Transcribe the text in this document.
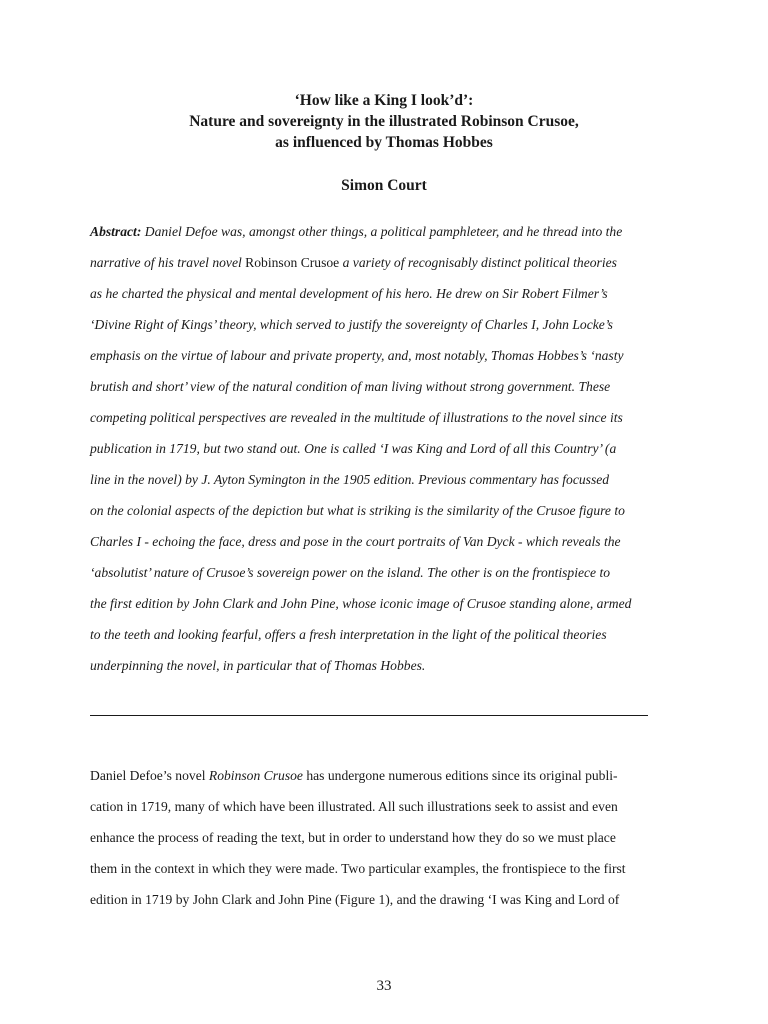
‘How like a King I look’d’:
Nature and sovereignty in the illustrated Robinson Crusoe,
as influenced by Thomas Hobbes
Simon Court
Abstract: Daniel Defoe was, amongst other things, a political pamphleteer, and he thread into the
narrative of his travel novel Robinson Crusoe a variety of recognisably distinct political theories
as he charted the physical and mental development of his hero. He drew on Sir Robert Filmer’s
‘Divine Right of Kings’ theory, which served to justify the sovereignty of Charles I, John Locke’s
emphasis on the virtue of labour and private property, and, most notably, Thomas Hobbes’s ‘nasty
brutish and short’ view of the natural condition of man living without strong government. These
competing political perspectives are revealed in the multitude of illustrations to the novel since its
publication in 1719, but two stand out. One is called ‘I was King and Lord of all this Country’ (a
line in the novel) by J. Ayton Symington in the 1905 edition. Previous commentary has focussed
on the colonial aspects of the depiction but what is striking is the similarity of the Crusoe figure to
Charles I - echoing the face, dress and pose in the court portraits of Van Dyck - which reveals the
‘absolutist’ nature of Crusoe’s sovereign power on the island. The other is on the frontispiece to
the first edition by John Clark and John Pine, whose iconic image of Crusoe standing alone, armed
to the teeth and looking fearful, offers a fresh interpretation in the light of the political theories
underpinning the novel, in particular that of Thomas Hobbes.
Daniel Defoe’s novel Robinson Crusoe has undergone numerous editions since its original publi-
cation in 1719, many of which have been illustrated. All such illustrations seek to assist and even
enhance the process of reading the text, but in order to understand how they do so we must place
them in the context in which they were made. Two particular examples, the frontispiece to the first
edition in 1719 by John Clark and John Pine (Figure 1), and the drawing ‘I was King and Lord of
33
